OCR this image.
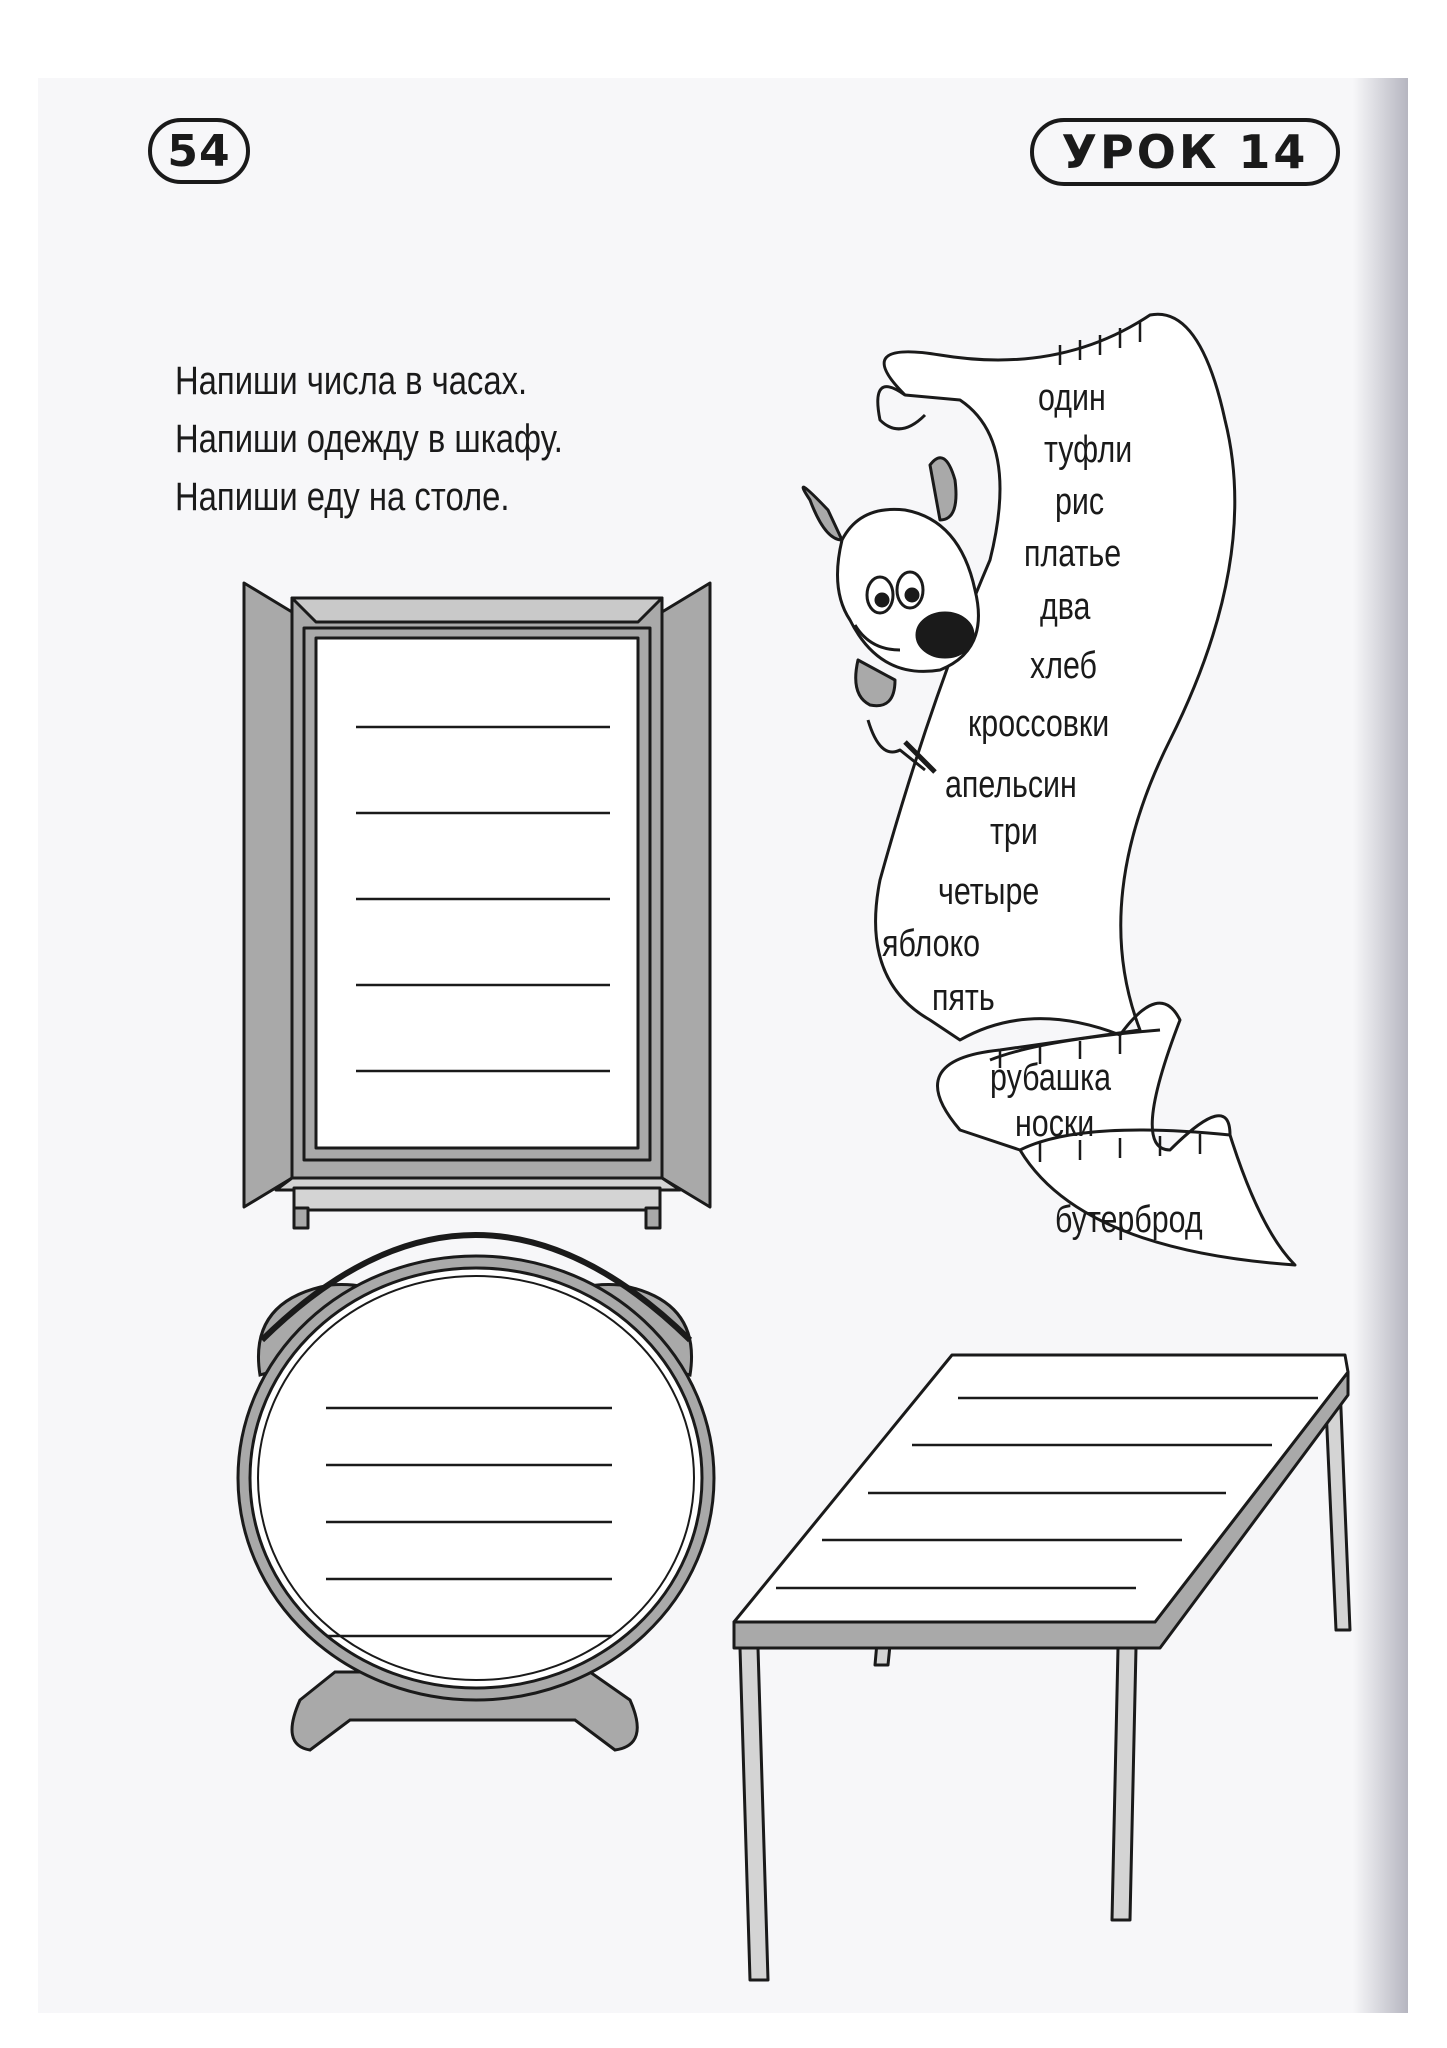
54	УРОК 14
Напиши числа в часах.
Напиши одежду в шкафу.
Напиши еду на столе.
один
туфли
рис
платье
два
хлеб
кроссовки
апельсин
три
четыре
яблоко
пять
рубашка
носки
бутерброд
